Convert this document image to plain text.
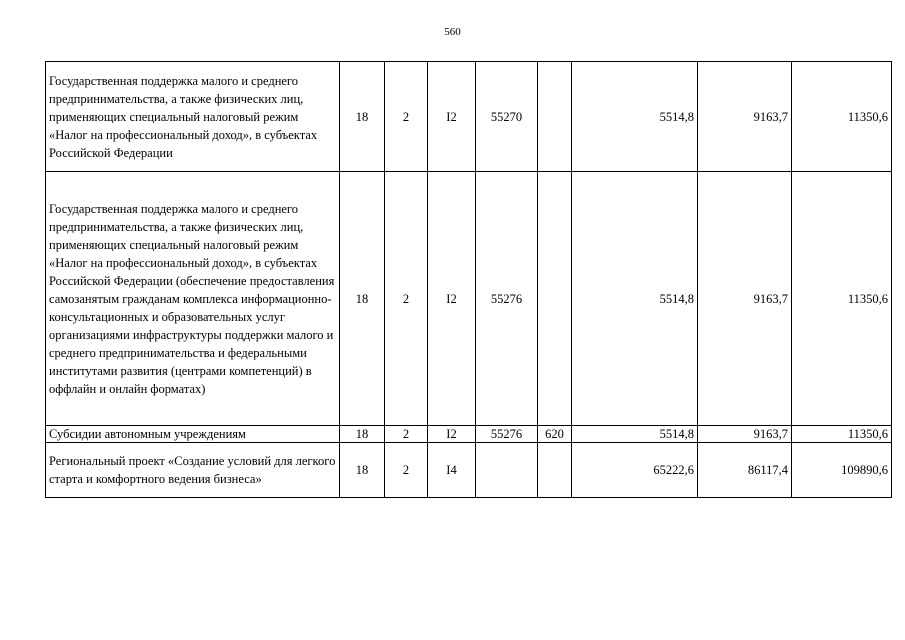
560
Государственная поддержка малого и среднего предпринимательства, а также физических лиц, применяющих специальный налоговый режим «Налог на профессиональный доход», в субъектах Российской Федерации	18	2	I2	55270		5514,8	9163,7	11350,6
Государственная поддержка малого и среднего предпринимательства, а также физических лиц, применяющих специальный налоговый режим «Налог на профессиональный доход», в субъектах Российской Федерации (обеспечение предоставления самозанятым гражданам комплекса информационно-консультационных и образовательных услуг организациями инфраструктуры поддержки малого и среднего предпринимательства и федеральными институтами развития (центрами компетенций) в оффлайн и онлайн форматах)	18	2	I2	55276		5514,8	9163,7	11350,6
Субсидии автономным учреждениям	18	2	I2	55276	620	5514,8	9163,7	11350,6
Региональный проект «Создание условий для легкого старта и комфортного ведения бизнеса»	18	2	I4			65222,6	86117,4	109890,6
